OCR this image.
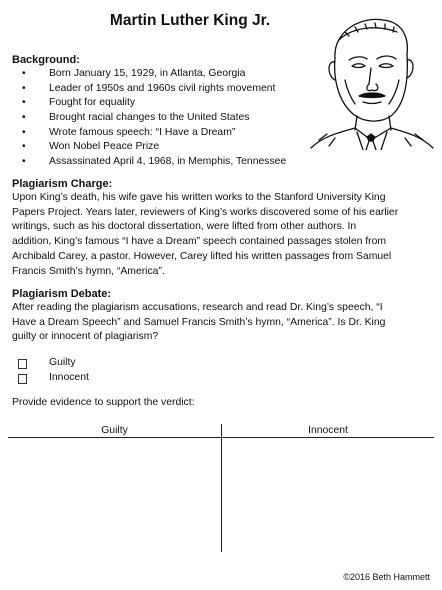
Martin Luther King Jr.
Background:
• Born January 15, 1929, in Atlanta, Georgia
• Leader of 1950s and 1960s civil rights movement
• Fought for equality
• Brought racial changes to the United States
• Wrote famous speech: “I Have a Dream”
• Won Nobel Peace Prize
• Assassinated April 4, 1968, in Memphis, Tennessee
Plagiarism Charge:
Upon King’s death, his wife gave his written works to the Stanford University King
Papers Project. Years later, reviewers of King’s works discovered some of his earlier
writings, such as his doctoral dissertation, were lifted from other authors. In
addition, King’s famous “I have a Dream” speech contained passages stolen from
Archibald Carey, a pastor. However, Carey lifted his written passages from Samuel
Francis Smith’s hymn, “America”.
Plagiarism Debate:
After reading the plagiarism accusations, research and read Dr. King’s speech, “I
Have a Dream Speech” and Samuel Francis Smith’s hymn, “America”. Is Dr. King
guilty or innocent of plagiarism?
Guilty
Innocent
Provide evidence to support the verdict:
Guilty	Innocent
©2016 Beth Hammett
